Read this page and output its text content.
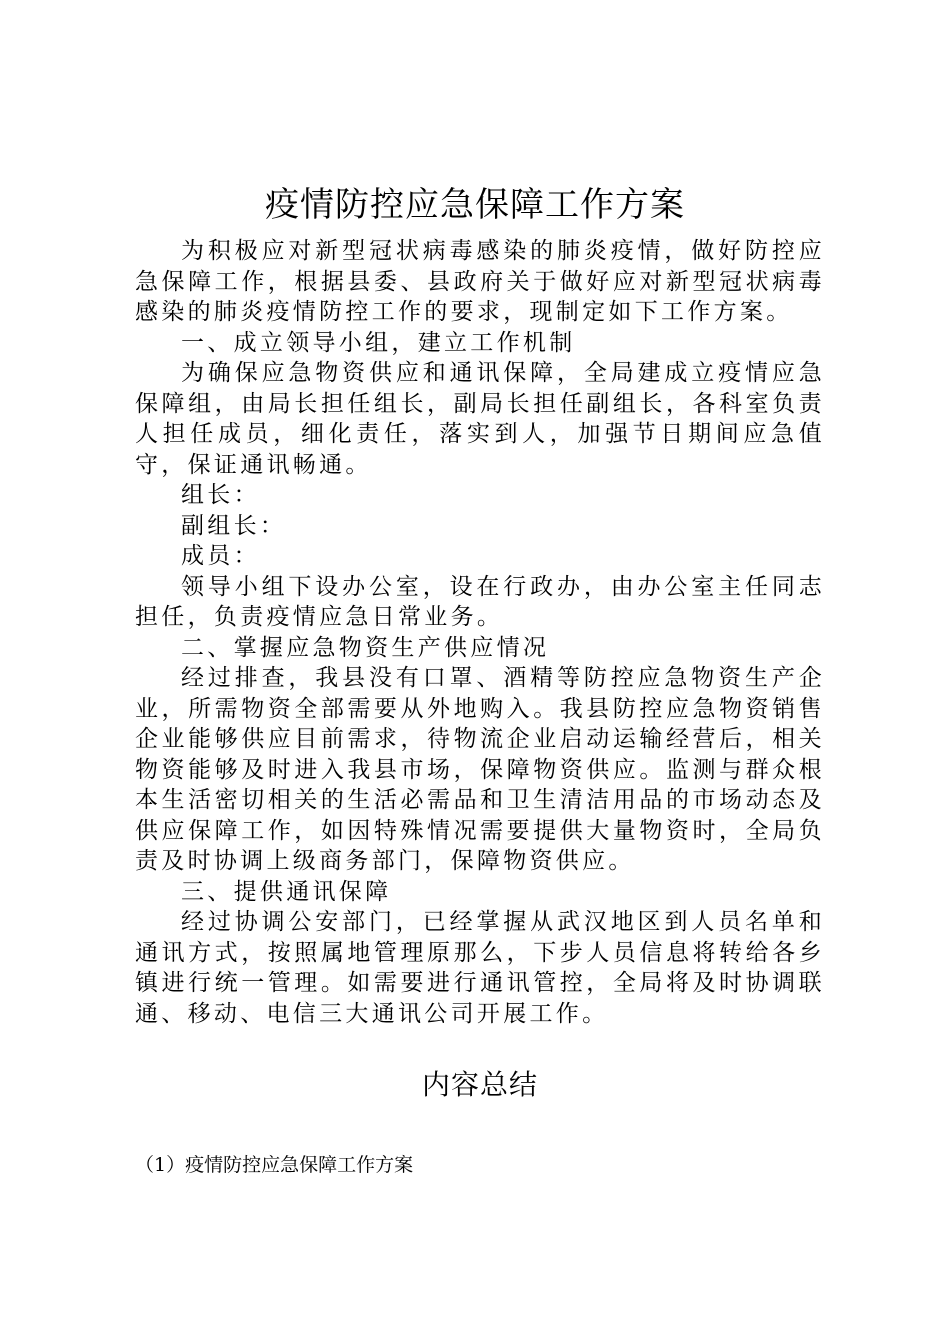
疫情防控应急保障工作方案

为积极应对新型冠状病毒感染的肺炎疫情，做好防控应急保障工作，根据县委、县政府关于做好应对新型冠状病毒感染的肺炎疫情防控工作的要求，现制定如下工作方案。

一、成立领导小组，建立工作机制

为确保应急物资供应和通讯保障，全局建成立疫情应急保障组，由局长担任组长，副局长担任副组长，各科室负责人担任成员，细化责任，落实到人，加强节日期间应急值守，保证通讯畅通。

组长：

副组长：

成员：

领导小组下设办公室，设在行政办，由办公室主任同志担任，负责疫情应急日常业务。

二、掌握应急物资生产供应情况

经过排查，我县没有口罩、酒精等防控应急物资生产企业，所需物资全部需要从外地购入。我县防控应急物资销售企业能够供应目前需求，待物流企业启动运输经营后，相关物资能够及时进入我县市场，保障物资供应。监测与群众根本生活密切相关的生活必需品和卫生清洁用品的市场动态及供应保障工作，如因特殊情况需要提供大量物资时，全局负责及时协调上级商务部门，保障物资供应。

三、提供通讯保障

经过协调公安部门，已经掌握从武汉地区到人员名单和通讯方式，按照属地管理原那么，下步人员信息将转给各乡镇进行统一管理。如需要进行通讯管控，全局将及时协调联通、移动、电信三大通讯公司开展工作。

内容总结

（1）疫情防控应急保障工作方案
